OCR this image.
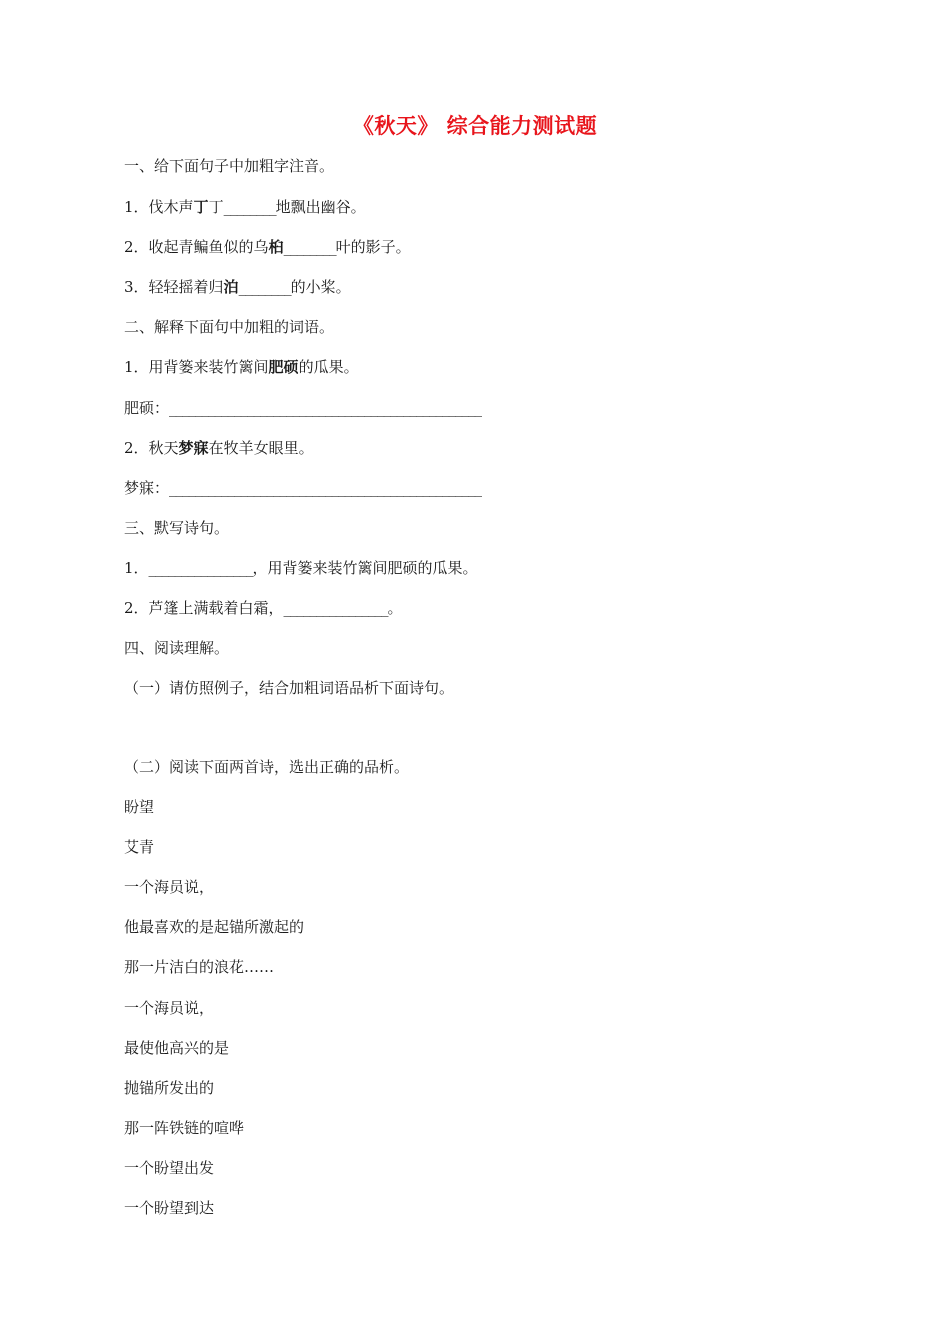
《秋天》 综合能力测试题
一、给下面句子中加粗字注音。
1．伐木声丁丁________地飘出幽谷。
2．收起青鳊鱼似的乌桕________叶的影子。
3．轻轻摇着归泊________的小桨。
二、解释下面句中加粗的词语。
1．用背篓来装竹篱间肥硕的瓜果。
肥硕：________________________________________________
2．秋天梦寐在牧羊女眼里。
梦寐：________________________________________________
三、默写诗句。
1．________________，用背篓来装竹篱间肥硕的瓜果。
2．芦篷上满载着白霜，________________。
四、阅读理解。
（一）请仿照例子，结合加粗词语品析下面诗句。
（二）阅读下面两首诗，选出正确的品析。
盼望
艾青
一个海员说，
他最喜欢的是起锚所激起的
那一片洁白的浪花……
一个海员说，
最使他高兴的是
抛锚所发出的
那一阵铁链的喧哗
一个盼望出发
一个盼望到达
